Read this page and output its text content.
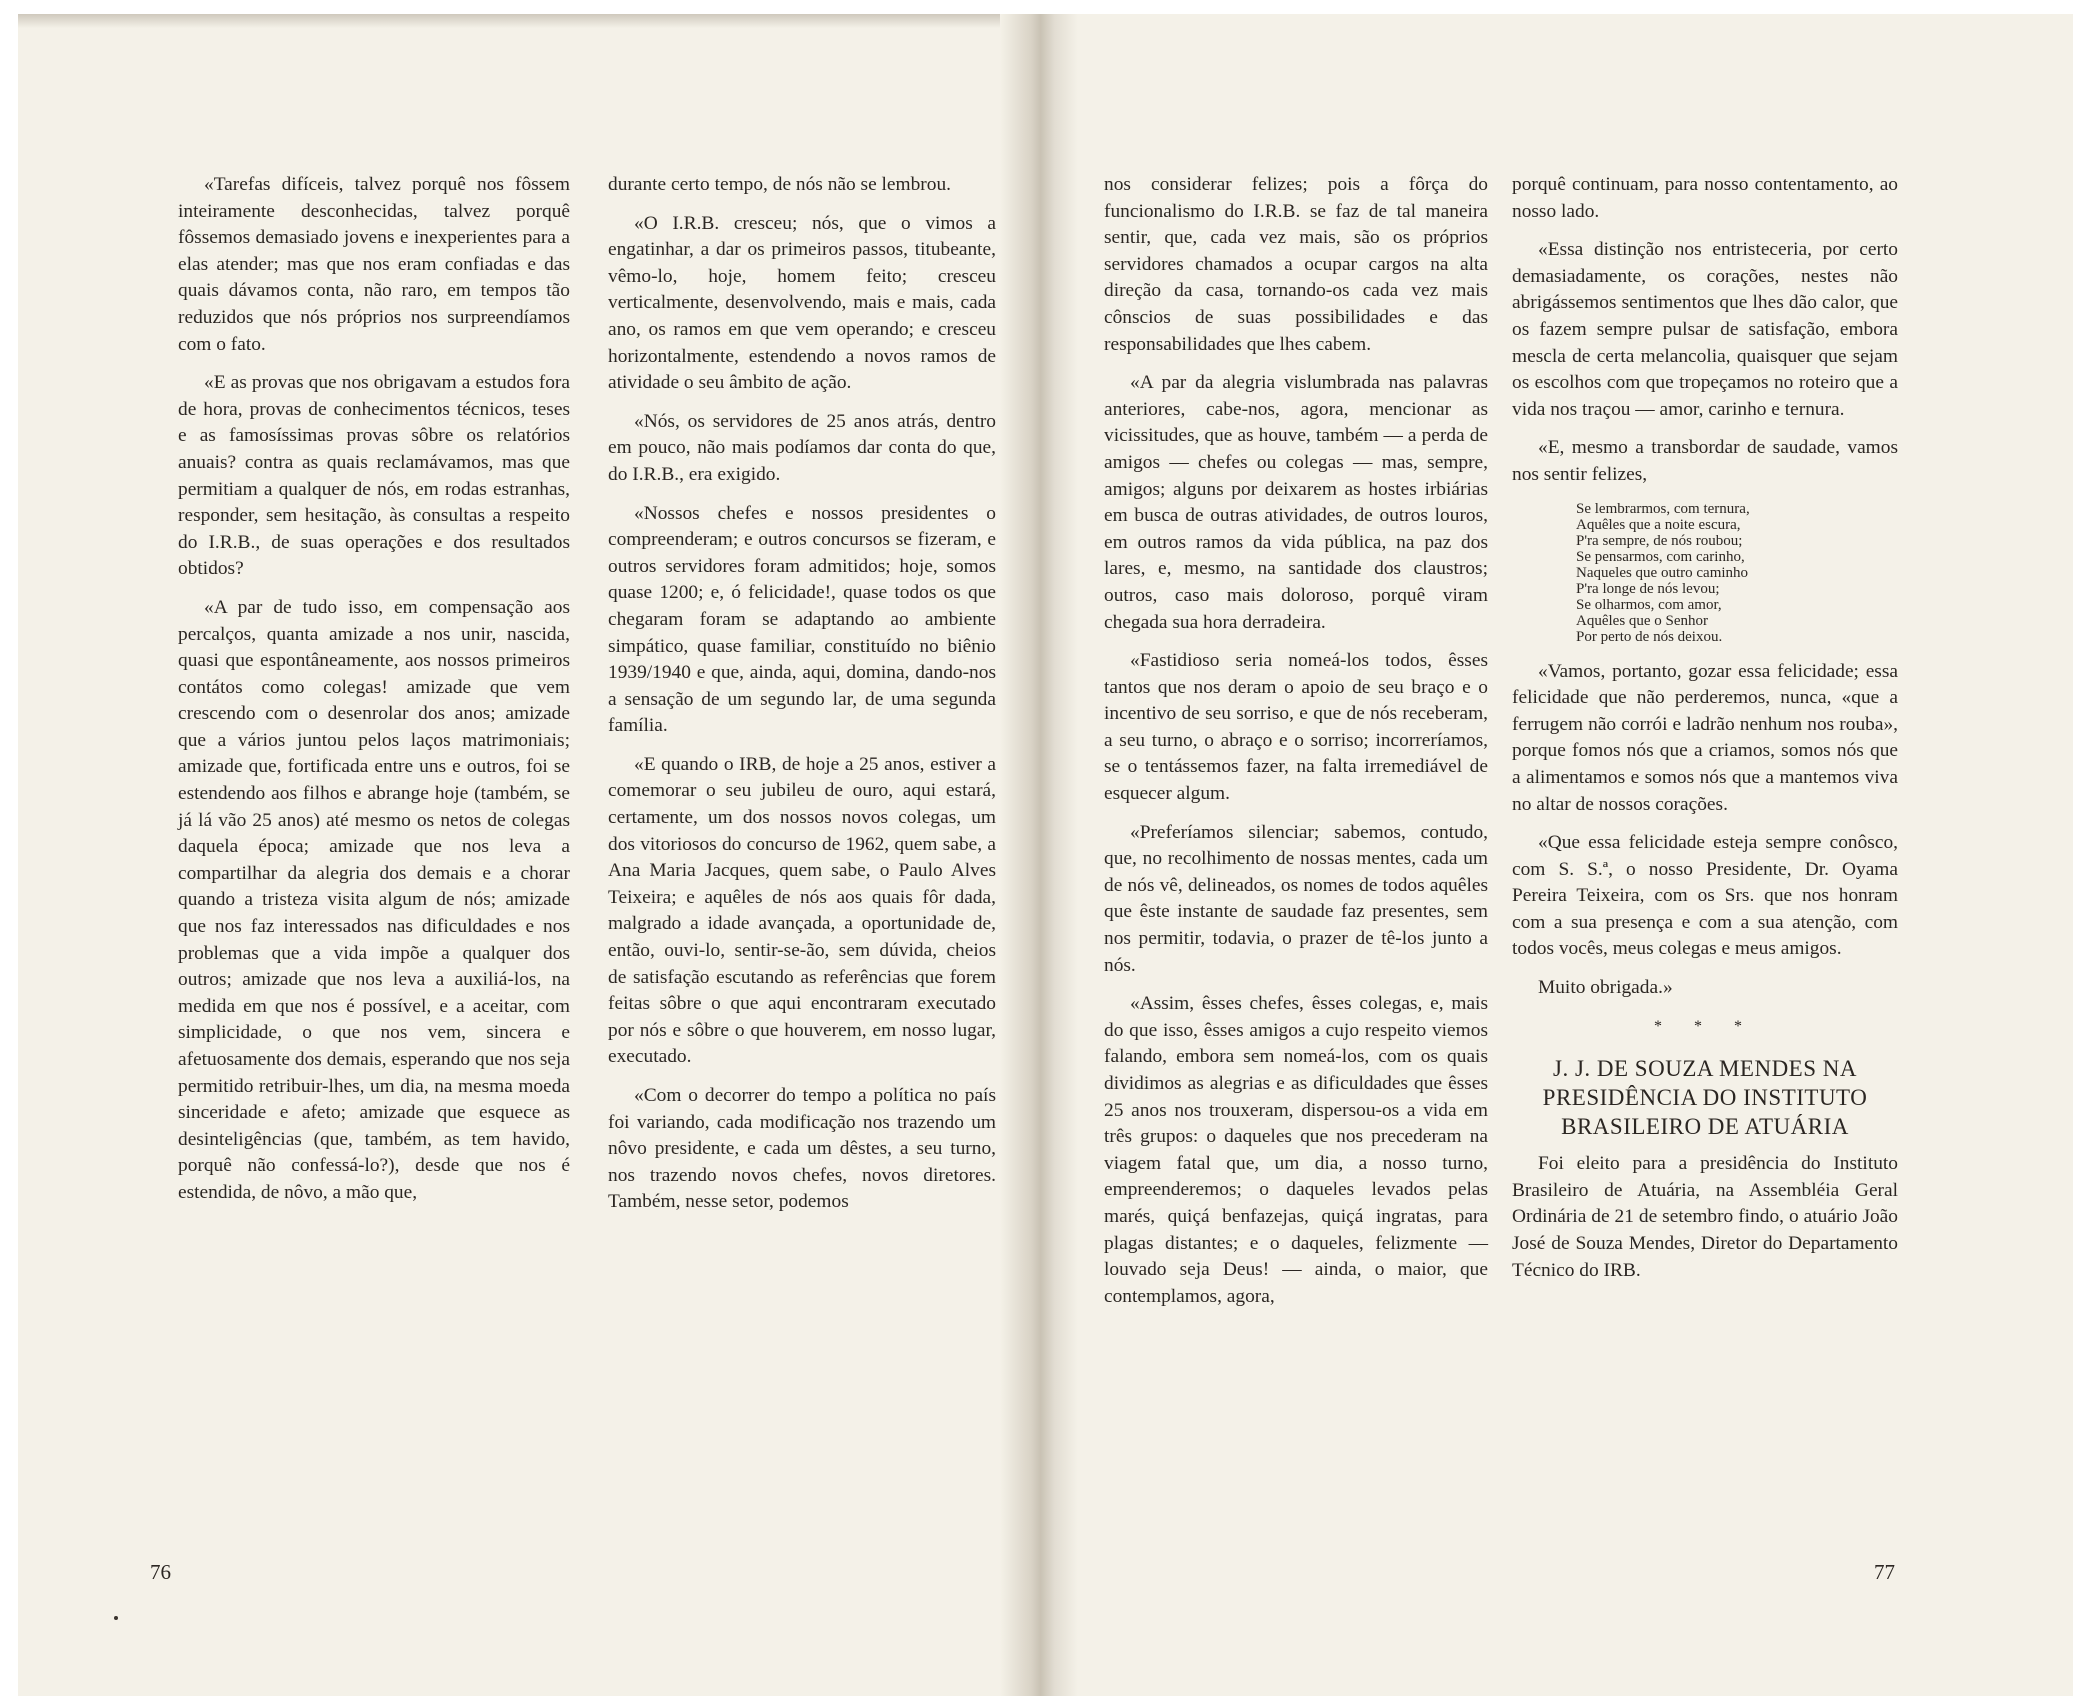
«Tarefas difíceis, talvez porquê nos fôssem inteiramente desconhecidas, talvez porquê fôssemos demasiado jovens e inexperientes para a elas atender; mas que nos eram confiadas e das quais dávamos conta, não raro, em tempos tão reduzidos que nós próprios nos surpreendíamos com o fato.

«E as provas que nos obrigavam a estudos fora de hora, provas de conhecimentos técnicos, teses e as famosíssimas provas sôbre os relatórios anuais? contra as quais reclamávamos, mas que permitiam a qualquer de nós, em rodas estranhas, responder, sem hesitação, às consultas a respeito do I.R.B., de suas operações e dos resultados obtidos?

«A par de tudo isso, em compensação aos percalços, quanta amizade a nos unir, nascida, quasi que espontâneamente, aos nossos primeiros contátos como colegas! amizade que vem crescendo com o desenrolar dos anos; amizade que a vários juntou pelos laços matrimoniais; amizade que, fortificada entre uns e outros, foi se estendendo aos filhos e abrange hoje (também, se já lá vão 25 anos) até mesmo os netos de colegas daquela época; amizade que nos leva a compartilhar da alegria dos demais e a chorar quando a tristeza visita algum de nós; amizade que nos faz interessados nas dificuldades e nos problemas que a vida impõe a qualquer dos outros; amizade que nos leva a auxiliá-los, na medida em que nos é possível, e a aceitar, com simplicidade, o que nos vem, sincera e afetuosamente dos demais, esperando que nos seja permitido retribuir-lhes, um dia, na mesma moeda sinceridade e afeto; amizade que esquece as desinteligências (que, também, as tem havido, porquê não confessá-lo?), desde que nos é estendida, de nôvo, a mão que,

durante certo tempo, de nós não se lembrou.

«O I.R.B. cresceu; nós, que o vimos a engatinhar, a dar os primeiros passos, titubeante, vêmo-lo, hoje, homem feito; cresceu verticalmente, desenvolvendo, mais e mais, cada ano, os ramos em que vem operando; e cresceu horizontalmente, estendendo a novos ramos de atividade o seu âmbito de ação.

«Nós, os servidores de 25 anos atrás, dentro em pouco, não mais podíamos dar conta do que, do I.R.B., era exigido.

«Nossos chefes e nossos presidentes o compreenderam; e outros concursos se fizeram, e outros servidores foram admitidos; hoje, somos quase 1200; e, ó felicidade!, quase todos os que chegaram foram se adaptando ao ambiente simpático, quase familiar, constituído no biênio 1939/1940 e que, ainda, aqui, domina, dando-nos a sensação de um segundo lar, de uma segunda família.

«E quando o IRB, de hoje a 25 anos, estiver a comemorar o seu jubileu de ouro, aqui estará, certamente, um dos nossos novos colegas, um dos vitoriosos do concurso de 1962, quem sabe, a Ana Maria Jacques, quem sabe, o Paulo Alves Teixeira; e aquêles de nós aos quais fôr dada, malgrado a idade avançada, a oportunidade de, então, ouvi-lo, sentir-se-ão, sem dúvida, cheios de satisfação escutando as referências que forem feitas sôbre o que aqui encontraram executado por nós e sôbre o que houverem, em nosso lugar, executado.

«Com o decorrer do tempo a política no país foi variando, cada modificação nos trazendo um nôvo presidente, e cada um dêstes, a seu turno, nos trazendo novos chefes, novos diretores. Também, nesse setor, podemos

76

nos considerar felizes; pois a fôrça do funcionalismo do I.R.B. se faz de tal maneira sentir, que, cada vez mais, são os próprios servidores chamados a ocupar cargos na alta direção da casa, tornando-os cada vez mais cônscios de suas possibilidades e das responsabilidades que lhes cabem.

«A par da alegria vislumbrada nas palavras anteriores, cabe-nos, agora, mencionar as vicissitudes, que as houve, também — a perda de amigos — chefes ou colegas — mas, sempre, amigos; alguns por deixarem as hostes irbiárias em busca de outras atividades, de outros louros, em outros ramos da vida pública, na paz dos lares, e, mesmo, na santidade dos claustros; outros, caso mais doloroso, porquê viram chegada sua hora derradeira.

«Fastidioso seria nomeá-los todos, êsses tantos que nos deram o apoio de seu braço e o incentivo de seu sorriso, e que de nós receberam, a seu turno, o abraço e o sorriso; incorreríamos, se o tentássemos fazer, na falta irremediável de esquecer algum.

«Preferíamos silenciar; sabemos, contudo, que, no recolhimento de nossas mentes, cada um de nós vê, delineados, os nomes de todos aquêles que êste instante de saudade faz presentes, sem nos permitir, todavia, o prazer de tê-los junto a nós.

«Assim, êsses chefes, êsses colegas, e, mais do que isso, êsses amigos a cujo respeito viemos falando, embora sem nomeá-los, com os quais dividimos as alegrias e as dificuldades que êsses 25 anos nos trouxeram, dispersou-os a vida em três grupos: o daqueles que nos precederam na viagem fatal que, um dia, a nosso turno, empreenderemos; o daqueles levados pelas marés, quiçá benfazejas, quiçá ingratas, para plagas distantes; e o daqueles, felizmente — louvado seja Deus! — ainda, o maior, que contemplamos, agora,

porquê continuam, para nosso contentamento, ao nosso lado.

«Essa distinção nos entristeceria, por certo demasiadamente, os corações, nestes não abrigássemos sentimentos que lhes dão calor, que os fazem sempre pulsar de satisfação, embora mescla de certa melancolia, quaisquer que sejam os escolhos com que tropeçamos no roteiro que a vida nos traçou — amor, carinho e ternura.

«E, mesmo a transbordar de saudade, vamos nos sentir felizes,

Se lembrarmos, com ternura,
Aquêles que a noite escura,
P'ra sempre, de nós roubou;
Se pensarmos, com carinho,
Naqueles que outro caminho
P'ra longe de nós levou;
Se olharmos, com amor,
Aquêles que o Senhor
Por perto de nós deixou.

«Vamos, portanto, gozar essa felicidade; essa felicidade que não perderemos, nunca, «que a ferrugem não corrói e ladrão nenhum nos rouba», porque fomos nós que a criamos, somos nós que a alimentamos e somos nós que a mantemos viva no altar de nossos corações.

«Que essa felicidade esteja sempre conôsco, com S. S.ª, o nosso Presidente, Dr. Oyama Pereira Teixeira, com os Srs. que nos honram com a sua presença e com a sua atenção, com todos vocês, meus colegas e meus amigos.

Muito obrigada.»

* * *
J. J. DE SOUZA MENDES NA
PRESIDÊNCIA DO INSTITUTO
BRASILEIRO DE ATUÁRIA

Foi eleito para a presidência do Instituto Brasileiro de Atuária, na Assembléia Geral Ordinária de 21 de setembro findo, o atuário João José de Souza Mendes, Diretor do Departamento Técnico do IRB.

77
